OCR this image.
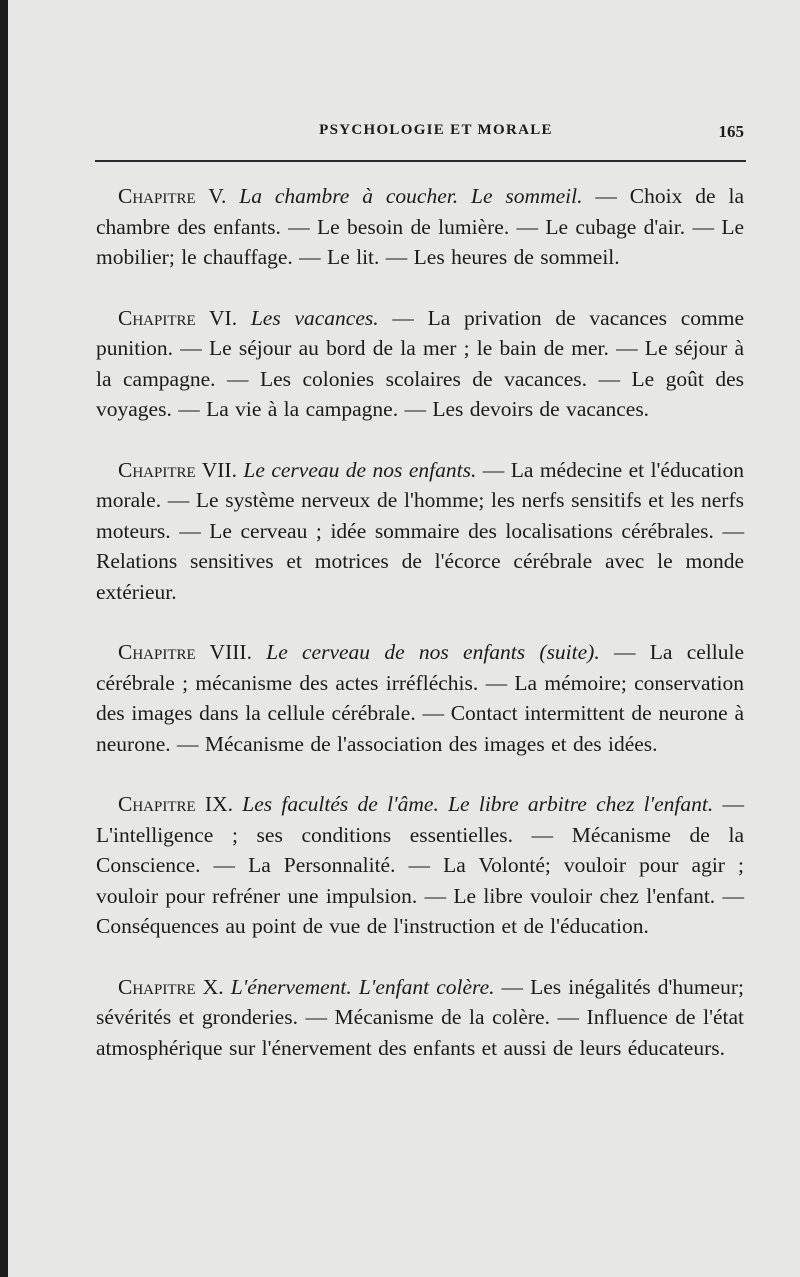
PSYCHOLOGIE ET MORALE	165

Chapitre V. La chambre à coucher. Le sommeil. — Choix de la chambre des enfants. — Le besoin de lumière. — Le cubage d'air. — Le mobilier; le chauffage. — Le lit. — Les heures de sommeil.

Chapitre VI. Les vacances. — La privation de vacances comme punition. — Le séjour au bord de la mer ; le bain de mer. — Le séjour à la campagne. — Les colonies scolaires de vacances. — Le goût des voyages. — La vie à la campagne. — Les devoirs de vacances.

Chapitre VII. Le cerveau de nos enfants. — La médecine et l'éducation morale. — Le système nerveux de l'homme; les nerfs sensitifs et les nerfs moteurs. — Le cerveau ; idée sommaire des localisations cérébrales. — Relations sensitives et motrices de l'écorce cérébrale avec le monde extérieur.

Chapitre VIII. Le cerveau de nos enfants (suite). — La cellule cérébrale ; mécanisme des actes irréfléchis. — La mémoire; conservation des images dans la cellule cérébrale. — Contact intermittent de neurone à neurone. — Mécanisme de l'association des images et des idées.

Chapitre IX. Les facultés de l'âme. Le libre arbitre chez l'enfant. — L'intelligence ; ses conditions essentielles. — Mécanisme de la Conscience. — La Personnalité. — La Volonté; vouloir pour agir ; vouloir pour refréner une impulsion. — Le libre vouloir chez l'enfant. — Conséquences au point de vue de l'instruction et de l'éducation.

Chapitre X. L'énervement. L'enfant colère. — Les inégalités d'humeur; sévérités et gronderies. — Mécanisme de la colère. — Influence de l'état atmosphérique sur l'énervement des enfants et aussi de leurs éducateurs.
